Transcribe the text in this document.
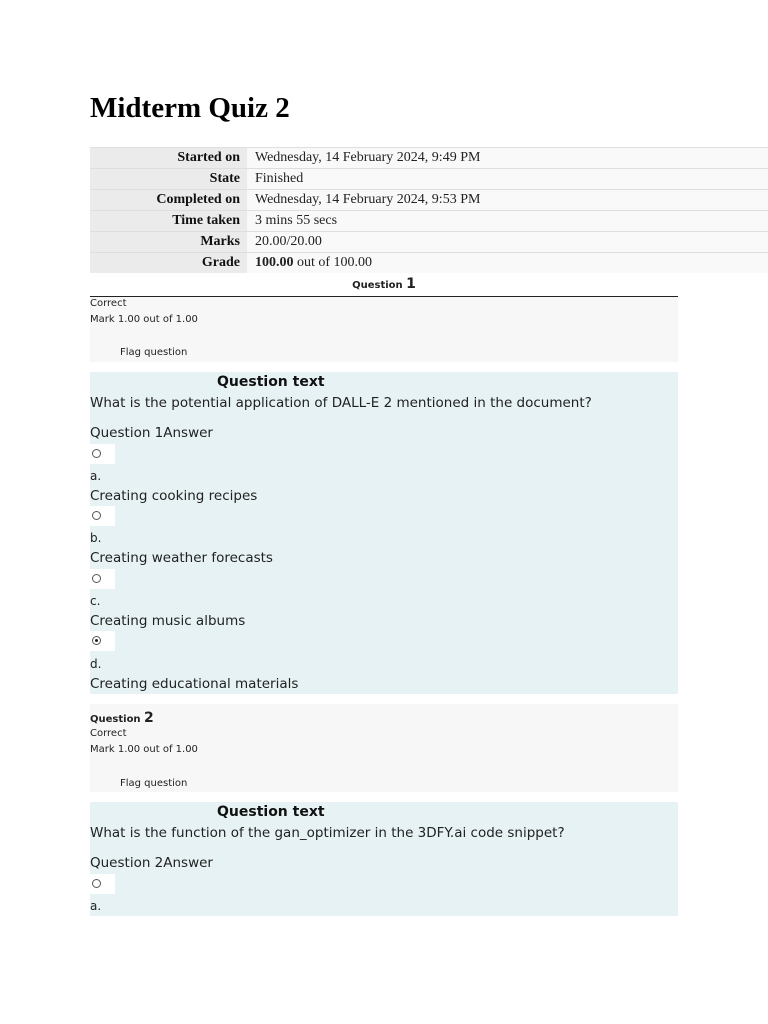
Midterm Quiz 2
Started on	Wednesday, 14 February 2024, 9:49 PM
State	Finished
Completed on	Wednesday, 14 February 2024, 9:53 PM
Time taken	3 mins 55 secs
Marks	20.00/20.00
Grade	100.00 out of 100.00
Question 1
Correct
Mark 1.00 out of 1.00
Flag question
Question text
What is the potential application of DALL-E 2 mentioned in the document?
Question 1Answer
a.
Creating cooking recipes
b.
Creating weather forecasts
c.
Creating music albums
d.
Creating educational materials
Question 2
Correct
Mark 1.00 out of 1.00
Flag question
Question text
What is the function of the gan_optimizer in the 3DFY.ai code snippet?
Question 2Answer
a.
